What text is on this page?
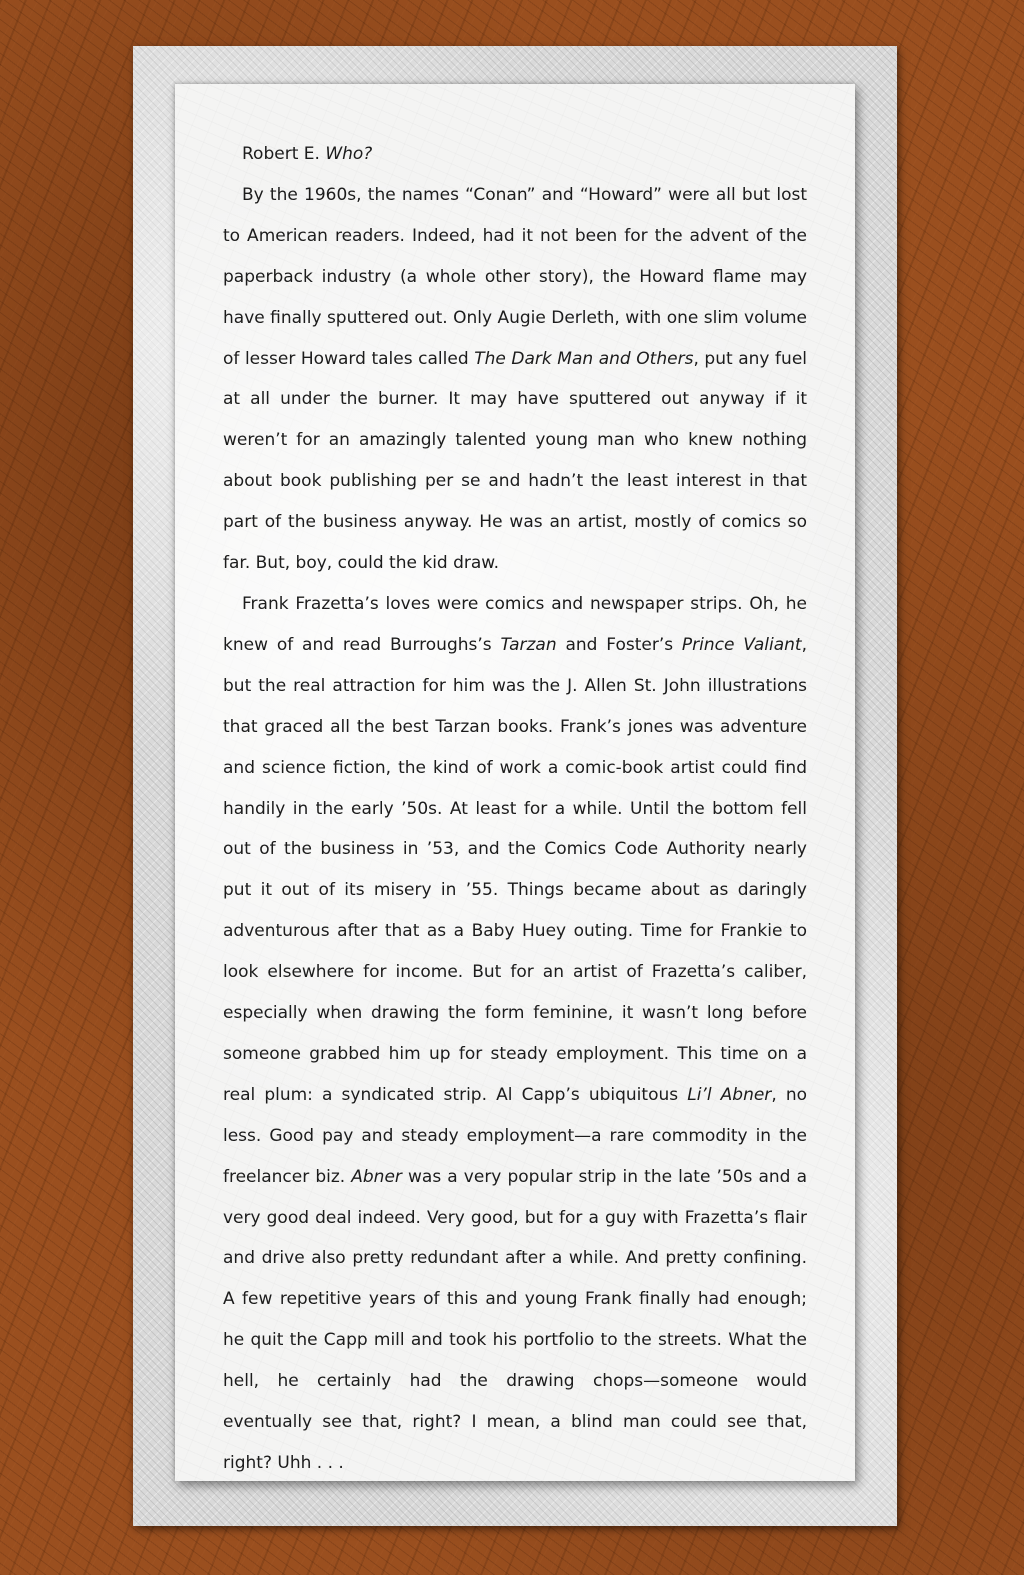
Robert E. Who?

By the 1960s, the names “Conan” and “Howard” were all but lost to American readers. Indeed, had it not been for the advent of the paperback industry (a whole other story), the Howard flame may have finally sputtered out. Only Augie Derleth, with one slim volume of lesser Howard tales called The Dark Man and Others, put any fuel at all under the burner. It may have sputtered out anyway if it weren’t for an amazingly talented young man who knew nothing about book publishing per se and hadn’t the least interest in that part of the business anyway. He was an artist, mostly of comics so far. But, boy, could the kid draw.

Frank Frazetta’s loves were comics and newspaper strips. Oh, he knew of and read Burroughs’s Tarzan and Foster’s Prince Valiant, but the real attraction for him was the J. Allen St. John illustrations that graced all the best Tarzan books. Frank’s jones was adventure and science fiction, the kind of work a comic-book artist could find handily in the early ’50s. At least for a while. Until the bottom fell out of the business in ’53, and the Comics Code Authority nearly put it out of its misery in ’55. Things became about as daringly adventurous after that as a Baby Huey outing. Time for Frankie to look elsewhere for income. But for an artist of Frazetta’s caliber, especially when drawing the form feminine, it wasn’t long before someone grabbed him up for steady employment. This time on a real plum: a syndicated strip. Al Capp’s ubiquitous Li’l Abner, no less. Good pay and steady employment—a rare commodity in the freelancer biz. Abner was a very popular strip in the late ’50s and a very good deal indeed. Very good, but for a guy with Frazetta’s flair and drive also pretty redundant after a while. And pretty confining. A few repetitive years of this and young Frank finally had enough; he quit the Capp mill and took his portfolio to the streets. What the hell, he certainly had the drawing chops—someone would eventually see that, right? I mean, a blind man could see that, right? Uhh . . .
